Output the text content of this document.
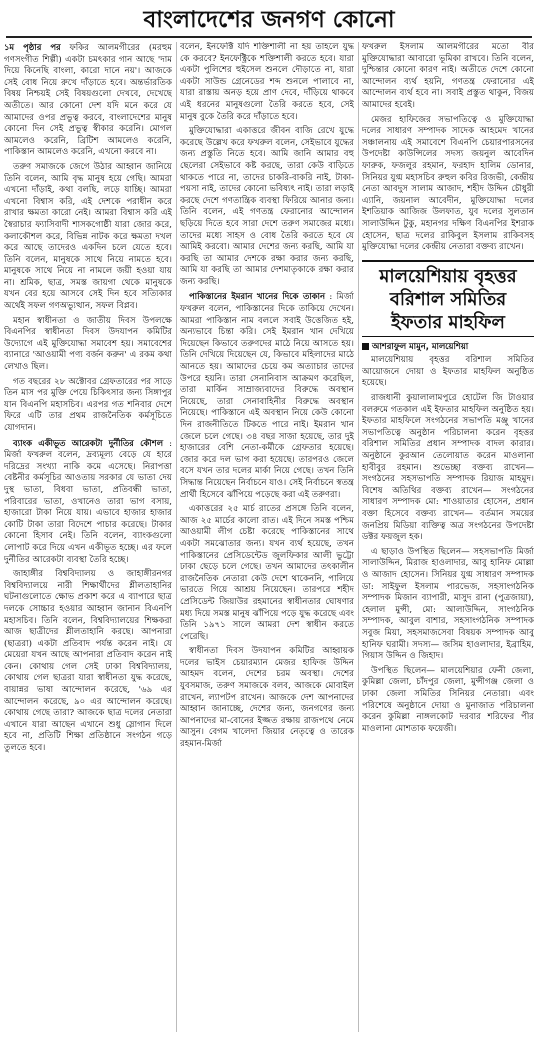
বাংলাদেশের জনগণ কোনো

১ম পৃষ্ঠার পর ফকির আলমগীরের (মরহুম গণসংগীত শিল্পী) একটা চমৎকার গান আছে 'দাম দিয়ে কিনেছি বাংলা, কারো দানে নয়'। আজকে সেই বোধ নিয়ে রুখে দাঁড়াতে হবে। অন্তর্ভারতিক বিষয় নিশ্চয়ই সেই বিষয়গুলো দেখবে, দেখেছে অতীতে। আর কোনো দেশ যদি মনে করে যে আমাদের ওপর প্রভুত্ব করবে, বাংলাদেশের মানুষ কোনো দিন সেই প্রভুত্ব স্বীকার করেনি। মোগল আমলেও করেনি, ব্রিটিশ আমলেও করেনি, পাকিস্তান আমলেও করেনি, এখনো করবে না।

তরুণ সমাজকে জেগে উঠার আহ্বান জানিয়ে তিনি বলেন, আমি বৃদ্ধ মানুষ হয়ে গেছি। আমরা এখনো দাঁড়াই, কথা বলছি, লড়ে যাচ্ছি। আমরা এখনো বিশ্বাস করি, এই দেশকে পরাধীন করে রাখার ক্ষমতা কারো নেই। আমরা বিশ্বাস করি এই স্বৈরাচার ফ্যাসিবাদী শাসকগোষ্ঠী যারা জোর করে, কলাকৌশল করে, বিভিন্ন নাটক করে ক্ষমতা দখল করে আছে তাদেরও একদিন চলে যেতে হবে। তিনি বলেন, মানুষকে সাথে নিয়ে নামতে হবে। মানুষকে সাথে নিয়ে না নামলে জয়ী হওয়া যায় না। শ্রমিক, ছাত্র, সমস্ত জায়গা থেকে মানুষকে যখন বের হয়ে আসবে সেই দিন হবে সত্যিকার অর্থেই সফল গণঅভ্যুত্থান, সফল বিপ্লব।

মহান স্বাধীনতা ও জাতীয় দিবস উপলক্ষে বিএনপির স্বাধীনতা দিবস উদযাপন কমিটির উদ্যোগে এই মুক্তিযোদ্ধা সমাবেশ হয়। সমাবেশের ব্যানারে 'আওয়ামী পণ্য বর্জন করুন' এ রকম কথা লেখাও ছিল।

গত বছরের ২৮ অক্টোবর গ্রেফতারের পর সাড়ে তিন মাস পর মুক্তি পেয়ে চিকিৎসার জন্য সিঙ্গাপুর যান বিএনপি মহাসচিব। এরপর গত শনিবার দেশে ফিরে এটি তার প্রথম রাজনৈতিক কর্মসূচিতে যোগদান।

ব্যাংক একীভূত আরেকটা দুর্নীতির কৌশল : মির্জা ফখরুল বলেন, দ্রব্যমূল্য বেড়ে যে হারে দরিদ্রের সংখ্যা নাকি কমে এসেছে। নিরাপত্তা বেষ্টনীর কর্মসূচির আওতায় সরকার যে ভাতা দেয় দুস্থ ভাতা, বিধবা ভাতা, প্রতিবন্ধী ভাতা, পরিবারের ভাতা, ওখানেও তারা ভাগ বসায়, হাজারো টাকা নিয়ে যায়। এভাবে হাজার হাজার কোটি টাকা তারা বিদেশে পাচার করেছে। টাকার কোনো হিসাব নেই। তিনি বলেন, ব্যাংকগুলো লোপাট করে দিয়ে এখন একীভূত হচ্ছে। এর ফলে দুর্নীতির আরেকটা ব্যবস্থা তৈরি হচ্ছে।

জাহাঙ্গীর বিশ্ববিদ্যালয় ও জাহাঙ্গীরনগর বিশ্ববিদ্যালয়ে নারী শিক্ষার্থীদের শ্লীলতাহানির ঘটনাগুলোতে ক্ষোভ প্রকাশ করে এ ব্যাপারে ছাত্র দলকে সোচ্চার হওয়ার আহ্বান জানান বিএনপি মহাসচিব। তিনি বলেন, বিশ্ববিদ্যালয়ের শিক্ষকরা আজ ছাত্রীদের শ্লীলতাহানি করছে। আপনারা (ছাত্ররা) একটা প্রতিবাদ পর্যন্ত করেন নাই। যে মেয়েরা যখন আছে আপনারা প্রতিবাদ করেন নাই কেন। কোথায় গেল সেই ঢাকা বিশ্ববিদ্যালয়, কোথায় গেল ছাত্ররা যারা স্বাধীনতা যুদ্ধ করেছে, বায়ান্নর ভাষা আন্দোলন করেছে, '৬৯ এর আন্দোলন করেছে, ৯০ এর আন্দোলন করেছে। কোথায় গেছে তারা? আজকে ছাত্র দলের নেতারা এখানে যারা আছেন এখানে শুধু স্লোগান দিলে হবে না, প্রতিটি শিক্ষা প্রতিষ্ঠানে সংগঠন গড়ে তুলতে হবে।

বলেন, ইনফেক্টি যদি শক্তিশালী না হয় তাহলে যুদ্ধ কে করবে? ইনফেক্ট্রিকে শক্তিশালী করতে হবে। যারা একটা পুলিশের হুইসেল শুনলে দৌড়াতে না, যারা একটা সাউন্ড গ্রেনেডের শব্দ শুনলে পালাবে না, যারা রাস্তায় অনড় হয়ে প্রাণ দেবে, দাঁড়িয়ে থাকবে এই ধরনের মানুষগুলো তৈরি করতে হবে, সেই মানুষ বুকে তৈরি করে দাঁড়াতে হবে।

মুক্তিযোদ্ধারা একাত্তরে জীবন বাজি রেখে যুদ্ধে করেছে উল্লেখ করে ফখরুল বলেন, সেইভাবে যুদ্ধের জন্য প্রস্তুতি নিতে হবে। আমি জানি আমার বহু ছেলেরা সেইভাবে কষ্ট করছে, তারা কেউ বাড়িতে থাকতে পারে না, তাদের চাকরি-বাকরি নাই, টাকা-পয়সা নাই, তাদের কোনো ভবিষ্যৎ নাই। তারা লড়াই করছে দেশে গণতান্ত্রিক ব্যবস্থা ফিরিয়ে আনার জন্য। তিনি বলেন, এই গণতন্ত্র ফেরানোর আন্দোলন ছড়িয়ে দিতে হবে সারা দেশে তরুণ সমাজের মধ্যে। তাদের মধ্যে সাহস ও বোধ তৈরি করতে হবে যে আমিই করবো। আমার দেশের জন্য করছি, আমি যা করছি তা আমার দেশকে রক্ষা করার জন্য করছি, আমি যা করছি তা আমার দেশমাতৃকাকে রক্ষা করার জন্য করছি।

পাকিস্তানের ইমরান খানের দিকে তাকান : মির্জা ফখরুল বলেন, পাকিস্তানের দিকে তাকিয়ে দেখেন। আমরা পাকিস্তান নাম বললে সবাই উত্তেজিত হই, অন্যভাবে চিন্তা করি। সেই ইমরান খান দেখিয়ে দিয়েছেন কিভাবে তরুণদের মাঠে নিয়ে আসতে হয়। তিনি দেখিয়ে দিয়েছেন যে, কিভাবে মহিলাদের মাঠে আনতে হয়। আমাদের চেয়ে কম অত্যাচার তাদের উপরে হয়নি। তারা সেনানিবাস আক্রমণ করেছিল, তারা মার্কিন সাম্রাজ্যবাদের বিরুদ্ধে অবস্থান নিয়েছে, তারা সেনাবাহিনীর বিরুদ্ধে অবস্থান নিয়েছে। পাকিস্তানে এই অবস্থান নিয়ে কেউ কোনো দিন রাজনীতিতে টিকতে পারে নাই। ইমরান খান জেলে চলে গেছে। ৩৪ বছর সাজা হয়েছে, তার দুই হাজারের বেশি নেতা-কর্মীকে গ্রেফতার হয়েছে। জোর করে দল ভাগ করা হয়েছে। তারপরও জেলে বসে যখন তার দলের মার্কা নিয়ে গেছে। তখন তিনি সিদ্ধান্ত নিয়েছেন নির্বাচনে যাও। সেই নির্বাচনে স্বতন্ত্র প্রার্থী হিসেবে ঝাঁপিয়ে পড়েছে করা এই তরুণরা।

একাত্তরের ২৫ মার্চ রাতের প্রসঙ্গে তিনি বলেন, আজ ২৫ মার্চের কালো রাত। এই দিনে সমস্ত পশ্চিম আওয়ামী লীগ চেষ্টা করেছে পাকিস্তানের সাথে একটা সমঝোতার জন্য। যখন ব্যর্থ হয়েছে, তখন পাকিস্তানের প্রেসিডেন্টেড জুলফিকার আলী ভুট্টো ঢাকা ছেড়ে চলে গেছে। তখন আমাদের তৎকালীন রাজনৈতিক নেতারা কেউ দেশে থাকেননি, পালিয়ে ভারতে গিয়ে আশ্রয় নিয়েছেন। তারপরে শহীদ প্রেসিডেন্ট জিয়াউর রহমানের স্বাধীনতার ঘোষণার মধ্য দিয়ে সমস্ত মানুষ ঝাঁপিয়ে পড়ে যুদ্ধ করেছে এবং তিনি ১৯৭১ সালে আমরা দেশ স্বাধীন করতে পেরেছি।

স্বাধীনতা দিবস উদযাপন কমিটির আহ্বায়ক দলের ভাইস চেয়ারম্যান মেজর হাফিজ উদ্দিন আহমদ বলেন, দেশের চরম অবস্থা। দেশের যুবসমাজ, তরুণ সমাজকে বলব, আজকে মোবাইল রাখেন, ল্যাপটপ রাখেন। আজকে দেশ আপনাদের আহ্বান জানাচ্ছে, দেশের জন্য, জনগণের জন্য আপনাদের মা-বোনের ইজ্জত রক্ষায় রাজপথে নেমে আসুন। বেগম খালেদা জিয়ার নেতৃত্বে ও তারেক রহমান-মির্জা

ফখরুল ইসলাম আলমগীরের মতো বীর মুক্তিযোদ্ধারা আবারো ভূমিকা রাখবে। তিনি বলেন, দুশ্চিন্তার কোনো কারণ নাই। অতীতে দেশে কোনো আন্দোলন ব্যর্থ হয়নি, গণতন্ত্র ফেরানোর এই আন্দোলন ব্যর্থ হবে না। সবাই প্রস্তুত থাকুন, বিজয় আমাদের হবেই।

মেজর হাফিজের সভাপতিত্বে ও মুক্তিযোদ্ধা দলের সাধারণ সম্পাদক সাদেক আহমেদ খানের সঞ্চালনায় এই সমাবেশে বিএনপি চেয়ারপারসনের উপদেষ্টা কাউন্সিলের সদস্য জয়নুল আবেদিন ফারুক, ফজলুর রহমান, ফরহাদ হালিম ডোনার, সিনিয়র যুগ্ম মহাসচিব রুহুল কবির রিজভী, কেন্দ্রীয় নেতা আবদুস সালাম আজাদ, শহীদ উদ্দিন চৌধুরী এ্যানি, জয়নাল আবেদীন, মুক্তিযোদ্ধা দলের ইশতিয়াক আজিজ উলফাত, যুব দলের সুলতান সালাউদ্দিন টুকু, মহানগর দক্ষিণ বিএনপির ইশরাক হোসেন, ছাত্র দলের রাকিবুল ইসলাম রাকিবসহ মুক্তিযোদ্ধা দলের কেন্দ্রীয় নেতারা বক্তব্য রাখেন।

মালয়েশিয়ায় বৃহত্তর বরিশাল সমিতির ইফতার মাহফিল

আশরাফুল মামুন, মালয়েশিয়া

মালয়েশিয়ায় বৃহত্তর বরিশাল সমিতির আয়োজনে দোয়া ও ইফতার মাহফিল অনুষ্ঠিত হয়েছে।

রাজধানী কুয়ালালামপুরে হোটেল জি টাওয়ার বলরুমে গতকাল এই ইফতার মাহফিল অনুষ্ঠিত হয়। ইফতার মাহফিলে সংগঠনের সভাপতি মঞ্জু খানের সভাপতিত্বে অনুষ্ঠান পরিচালনা করেন বৃহত্তর বরিশাল সমিতির প্রধান সম্পাদক বাদল কারার। অনুষ্ঠানে কুরআন তেলোয়াত করেন মাওলানা হাবীবুর রহমান। শুভেচ্ছা বক্তব্য রাখেন— সংগঠনের সহসভাপতি সম্পাদক রিয়াজ মাহমুদ। বিশেষ অতিথির বক্তব্য রাখেন— সংগঠনের সাধারণ সম্পাদক মো: শাওয়াতার হোসেন, প্রধান বক্তা হিসেবে বক্তব্য রাখেন— বর্তমান সময়ের জনপ্রিয় মিডিয়া ব্যক্তিত্ব অত্র সংগঠনের উপদেষ্টা ডক্টর ফয়জুল হক।

এ ছাড়াও উপস্থিত ছিলেন— সহসভাপতি মির্জা সালাউদ্দিন, মিরাজ হাওলাদার, আবু হানিফ মোল্লা ও আজাদ হোসেন। সিনিয়র যুগ্ম সাধারণ সম্পাদক ডা: সাইফুল ইসলাম পারভেজ, সহসাংগঠনিক সম্পাদক মিজান ব্যাপারী, মাসুদ রানা (পুত্রজায়া), হেলাল মুন্সী, মো: আলাউদ্দিন, সাংগঠনিক সম্পাদক, আবুল বাশার, সহসাংগঠনিক সম্পাদক সবুজ মিয়া, সহসমাজসেবা বিষয়ক সম্পাদক আবু হানিফ ঘরামী। সদস্য— জসিম হাওলাদার, ইব্রাহিম, গিয়াস উদ্দিন ও জিহাদ।

উপস্থিত ছিলেন— মালয়েশিয়ার ফেনী জেলা, কুমিল্লা জেলা, চাঁদপুর জেলা, মুন্সীগঞ্জ জেলা ও ঢাকা জেলা সমিতির সিনিয়র নেতারা। এবং পরিশেষে অনুষ্ঠানে দোয়া ও মুনাজাত পরিচালনা করেন কুমিল্লা নাঙ্গলকোট দরবার শরিফের পীর মাওলানা মোশতাক ফয়েজী।
